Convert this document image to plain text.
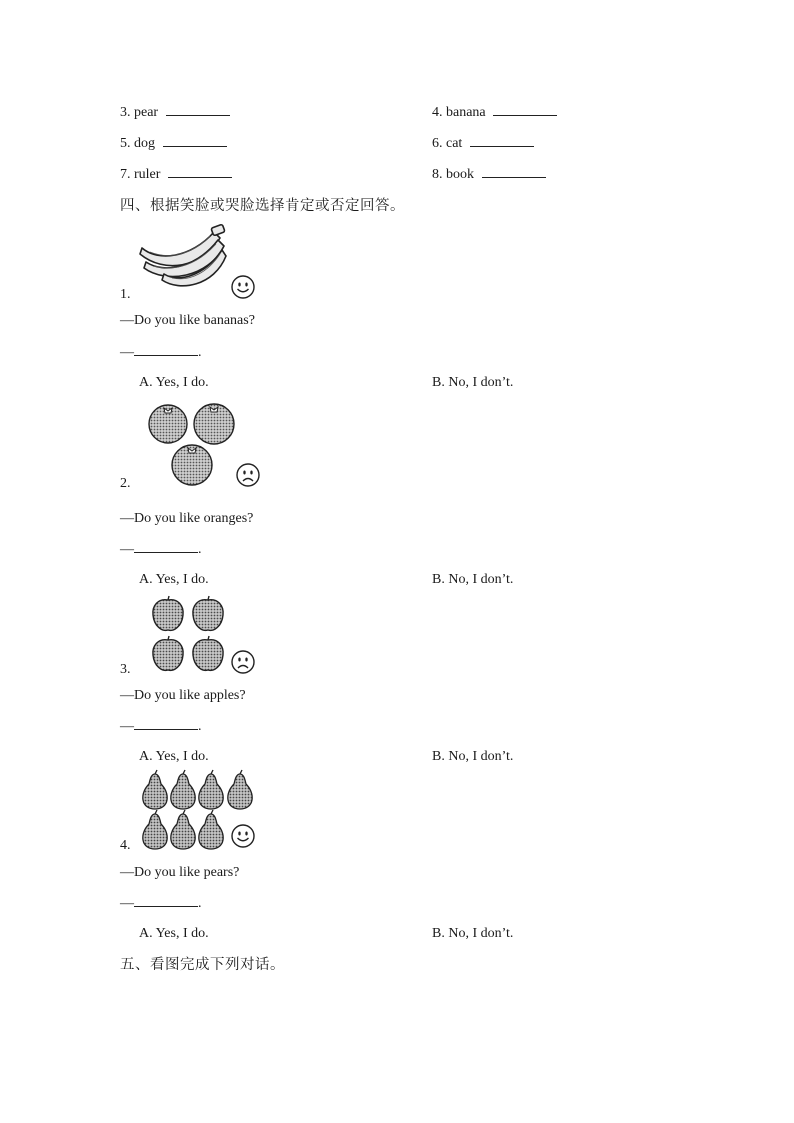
3. pear	4. banana
5. dog	6. cat
7. ruler	8. book
四、根据笑脸或哭脸选择肯定或否定回答。
1.
—Do you like bananas?
—	.
A. Yes, I do.	B. No, I don’t.
2.
—Do you like oranges?
—	.
A. Yes, I do.	B. No, I don’t.
3.
—Do you like apples?
—	.
A. Yes, I do.	B. No, I don’t.
4.
—Do you like pears?
—	.
A. Yes, I do.	B. No, I don’t.
五、看图完成下列对话。
